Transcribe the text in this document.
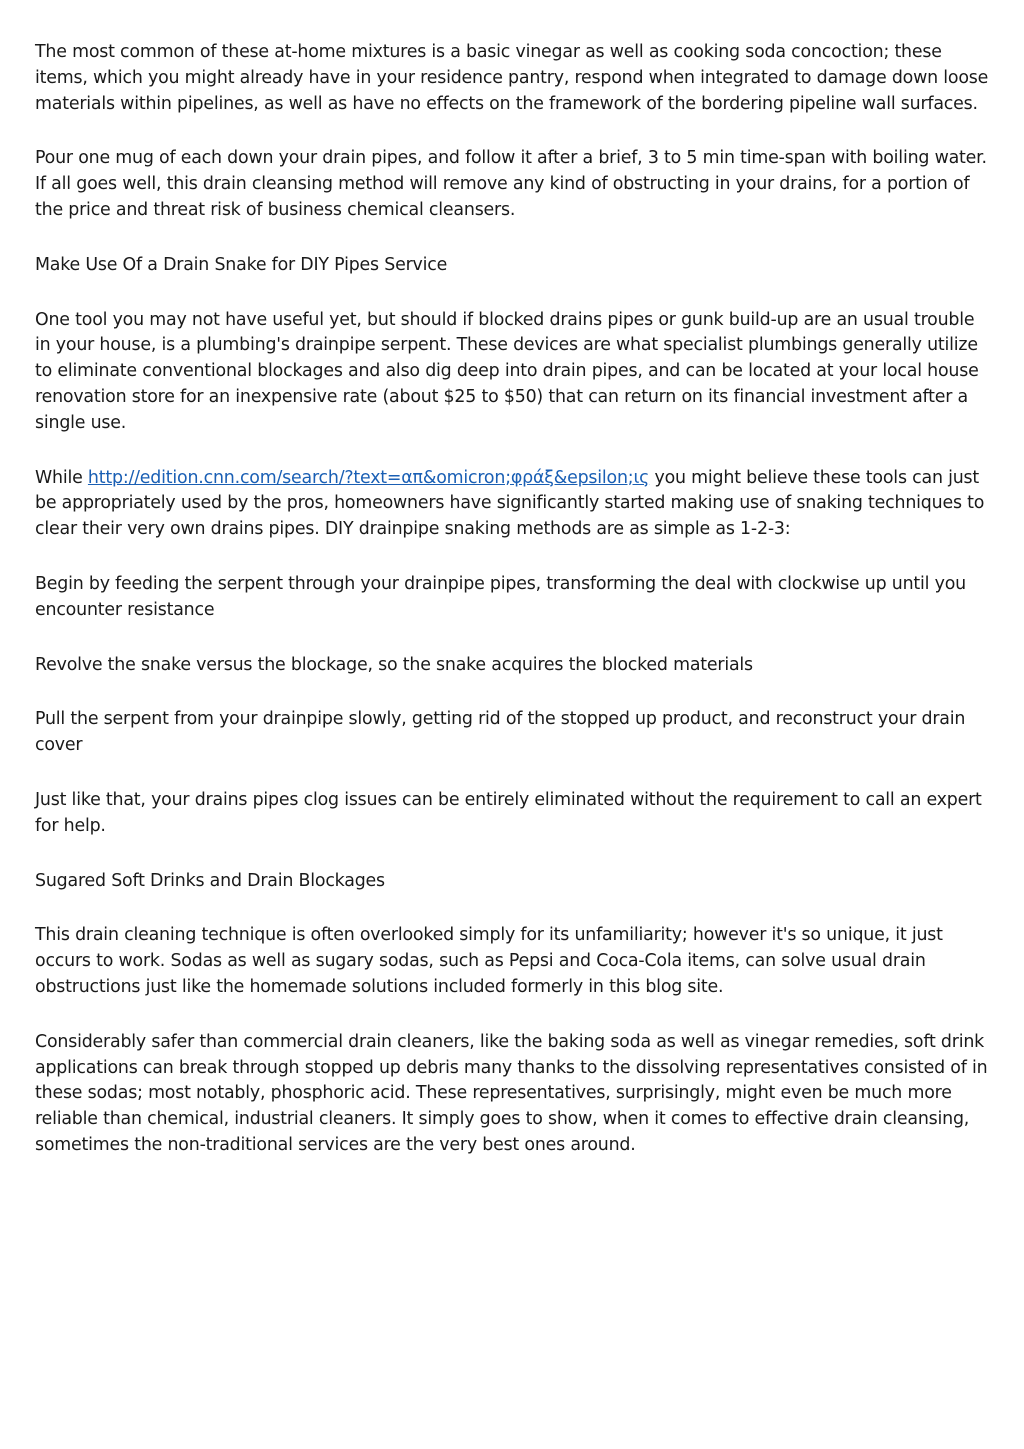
The most common of these at-home mixtures is a basic vinegar as well as cooking soda concoction; these items, which you might already have in your residence pantry, respond when integrated to damage down loose materials within pipelines, as well as have no effects on the framework of the bordering pipeline wall surfaces.

Pour one mug of each down your drain pipes, and follow it after a brief, 3 to 5 min time-span with boiling water. If all goes well, this drain cleansing method will remove any kind of obstructing in your drains, for a portion of the price and threat risk of business chemical cleansers.

Make Use Of a Drain Snake for DIY Pipes Service

One tool you may not have useful yet, but should if blocked drains pipes or gunk build-up are an usual trouble in your house, is a plumbing's drainpipe serpent. These devices are what specialist plumbings generally utilize to eliminate conventional blockages and also dig deep into drain pipes, and can be located at your local house renovation store for an inexpensive rate (about $25 to $50) that can return on its financial investment after a single use.

While http://edition.cnn.com/search/?text=απ&omicron;φράξ&epsilon;ις you might believe these tools can just be appropriately used by the pros, homeowners have significantly started making use of snaking techniques to clear their very own drains pipes. DIY drainpipe snaking methods are as simple as 1-2-3:

Begin by feeding the serpent through your drainpipe pipes, transforming the deal with clockwise up until you encounter resistance

Revolve the snake versus the blockage, so the snake acquires the blocked materials

Pull the serpent from your drainpipe slowly, getting rid of the stopped up product, and reconstruct your drain cover

Just like that, your drains pipes clog issues can be entirely eliminated without the requirement to call an expert for help.

Sugared Soft Drinks and Drain Blockages

This drain cleaning technique is often overlooked simply for its unfamiliarity; however it's so unique, it just occurs to work. Sodas as well as sugary sodas, such as Pepsi and Coca-Cola items, can solve usual drain obstructions just like the homemade solutions included formerly in this blog site.

Considerably safer than commercial drain cleaners, like the baking soda as well as vinegar remedies, soft drink applications can break through stopped up debris many thanks to the dissolving representatives consisted of in these sodas; most notably, phosphoric acid. These representatives, surprisingly, might even be much more reliable than chemical, industrial cleaners. It simply goes to show, when it comes to effective drain cleansing, sometimes the non-traditional services are the very best ones around.
